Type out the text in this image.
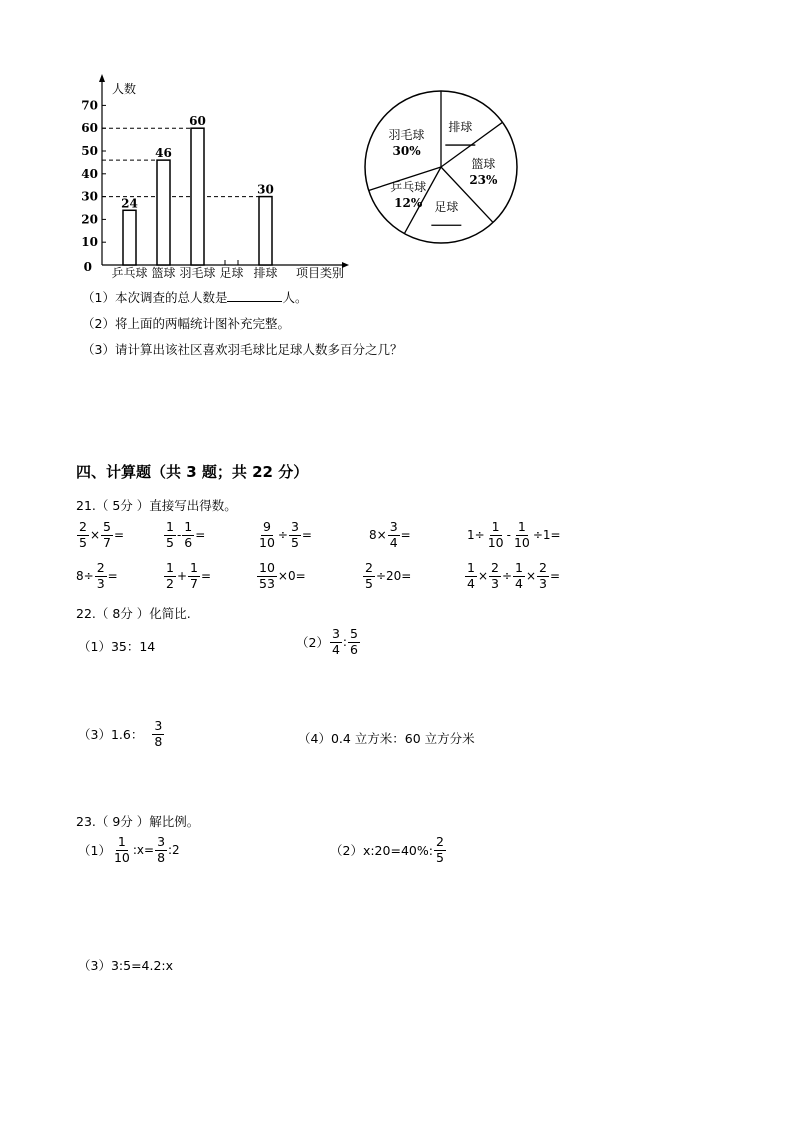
人数
0
10
20
30
40
50
60
70
24
乒乓球
46
篮球
60
羽毛球 足球
30
排球 项目类别
羽毛球
30%
排球
篮球
23%
足球
乒乓球
12%
（1）本次调查的总人数是	人。
（2）将上面的两幅统计图补充完整。
（3）请计算出该社区喜欢羽毛球比足球人数多百分之几？
四、计算题（共 3 题；共 22 分）
21.（ 5分 ）直接写出得数。
$\frac{2}{5} \times \frac{5}{7}$ =	$\frac{1}{5} - \frac{1}{6}$ =	$\frac{9}{10} \div \frac{3}{5}$ =	$8\times \frac{3}{4}$ =	$1\div \frac{1}{10} - \frac{1}{10} \div 1=$
$8\div \frac{2}{3}$ =	$\frac{1}{2} + \frac{1}{7}$ =	$\frac{10}{53} \times 0=$	$\frac{2}{5} \div 20=$	$\frac{1}{4} \times \frac{2}{3} \div \frac{1}{4} \times \frac{2}{3}$ =
22.（ 8分 ）化简比.
（1）35：14	$(2) \frac{3}{4}$ : $\frac{5}{6}$
（3）1.6： $\frac{3}{8}$	（4）0.4 立方米：60 立方分米
23.（ 9分 ）解比例。
$(1) \frac{1}{10}$ :x= $\frac{3}{8}$ :2	（2）x:20=40%: $\frac{2}{5}$
（3）3:5=4.2:x
